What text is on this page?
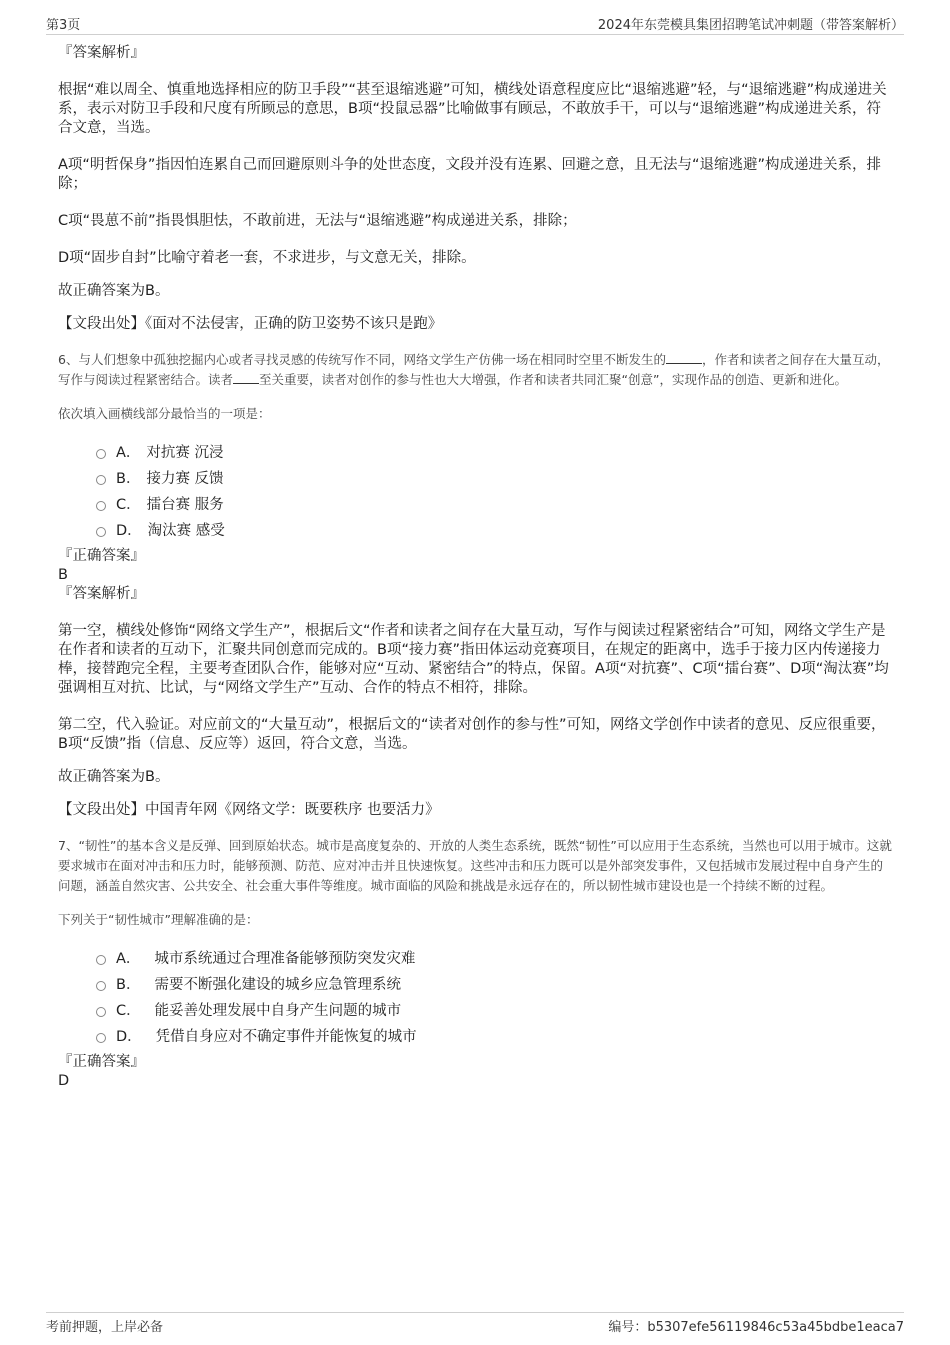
第3页	2024年东莞模具集团招聘笔试冲刺题（带答案解析）

『答案解析』

根据“难以周全、慎重地选择相应的防卫手段”“甚至退缩逃避”可知，横线处语意程度应比“退缩逃避”轻，与“退缩逃避”构成递进关系，表示对防卫手段和尺度有所顾忌的意思，B项“投鼠忌器”比喻做事有顾忌，不敢放手干，可以与“退缩逃避”构成递进关系，符合文意，当选。

A项“明哲保身”指因怕连累自己而回避原则斗争的处世态度，文段并没有连累、回避之意，且无法与“退缩逃避”构成递进关系，排除；

C项“畏葸不前”指畏惧胆怯，不敢前进，无法与“退缩逃避”构成递进关系，排除；

D项“固步自封”比喻守着老一套，不求进步，与文意无关，排除。

故正确答案为B。

【文段出处】《面对不法侵害，正确的防卫姿势不该只是跑》

6、与人们想象中孤独挖掘内心或者寻找灵感的传统写作不同，网络文学生产仿佛一场在相同时空里不断发生的	，作者和读者之间存在大量互动，写作与阅读过程紧密结合。读者 至关重要，读者对创作的参与性也大大增强，作者和读者共同汇聚“创意”，实现作品的创造、更新和进化。

依次填入画横线部分最恰当的一项是：

A． 对抗赛 沉浸
B． 接力赛 反馈
C． 擂台赛 服务
D． 淘汰赛 感受

『正确答案』

B

『答案解析』

第一空，横线处修饰“网络文学生产”，根据后文“作者和读者之间存在大量互动，写作与阅读过程紧密结合”可知，网络文学生产是在作者和读者的互动下，汇聚共同创意而完成的。B项“接力赛”指田体运动竞赛项目，在规定的距离中，选手于接力区内传递接力棒，接替跑完全程，主要考查团队合作，能够对应“互动、紧密结合”的特点，保留。A项“对抗赛”、C项“擂台赛”、D项“淘汰赛”均强调相互对抗、比试，与“网络文学生产”互动、合作的特点不相符，排除。

第二空，代入验证。对应前文的“大量互动”，根据后文的“读者对创作的参与性”可知，网络文学创作中读者的意见、反应很重要，B项“反馈”指（信息、反应等）返回，符合文意，当选。

故正确答案为B。

【文段出处】中国青年网《网络文学：既要秩序 也要活力》

7、“韧性”的基本含义是反弹、回到原始状态。城市是高度复杂的、开放的人类生态系统，既然“韧性”可以应用于生态系统，当然也可以用于城市。这就要求城市在面对冲击和压力时，能够预测、防范、应对冲击并且快速恢复。这些冲击和压力既可以是外部突发事件，又包括城市发展过程中自身产生的问题，涵盖自然灾害、公共安全、社会重大事件等维度。城市面临的风险和挑战是永远存在的，所以韧性城市建设也是一个持续不断的过程。

下列关于“韧性城市”理解准确的是：

A． 城市系统通过合理准备能够预防突发灾难
B． 需要不断强化建设的城乡应急管理系统
C． 能妥善处理发展中自身产生问题的城市
D． 凭借自身应对不确定事件并能恢复的城市

『正确答案』

D

考前押题，上岸必备	编号：b5307efe56119846c53a45bdbe1eaca7
